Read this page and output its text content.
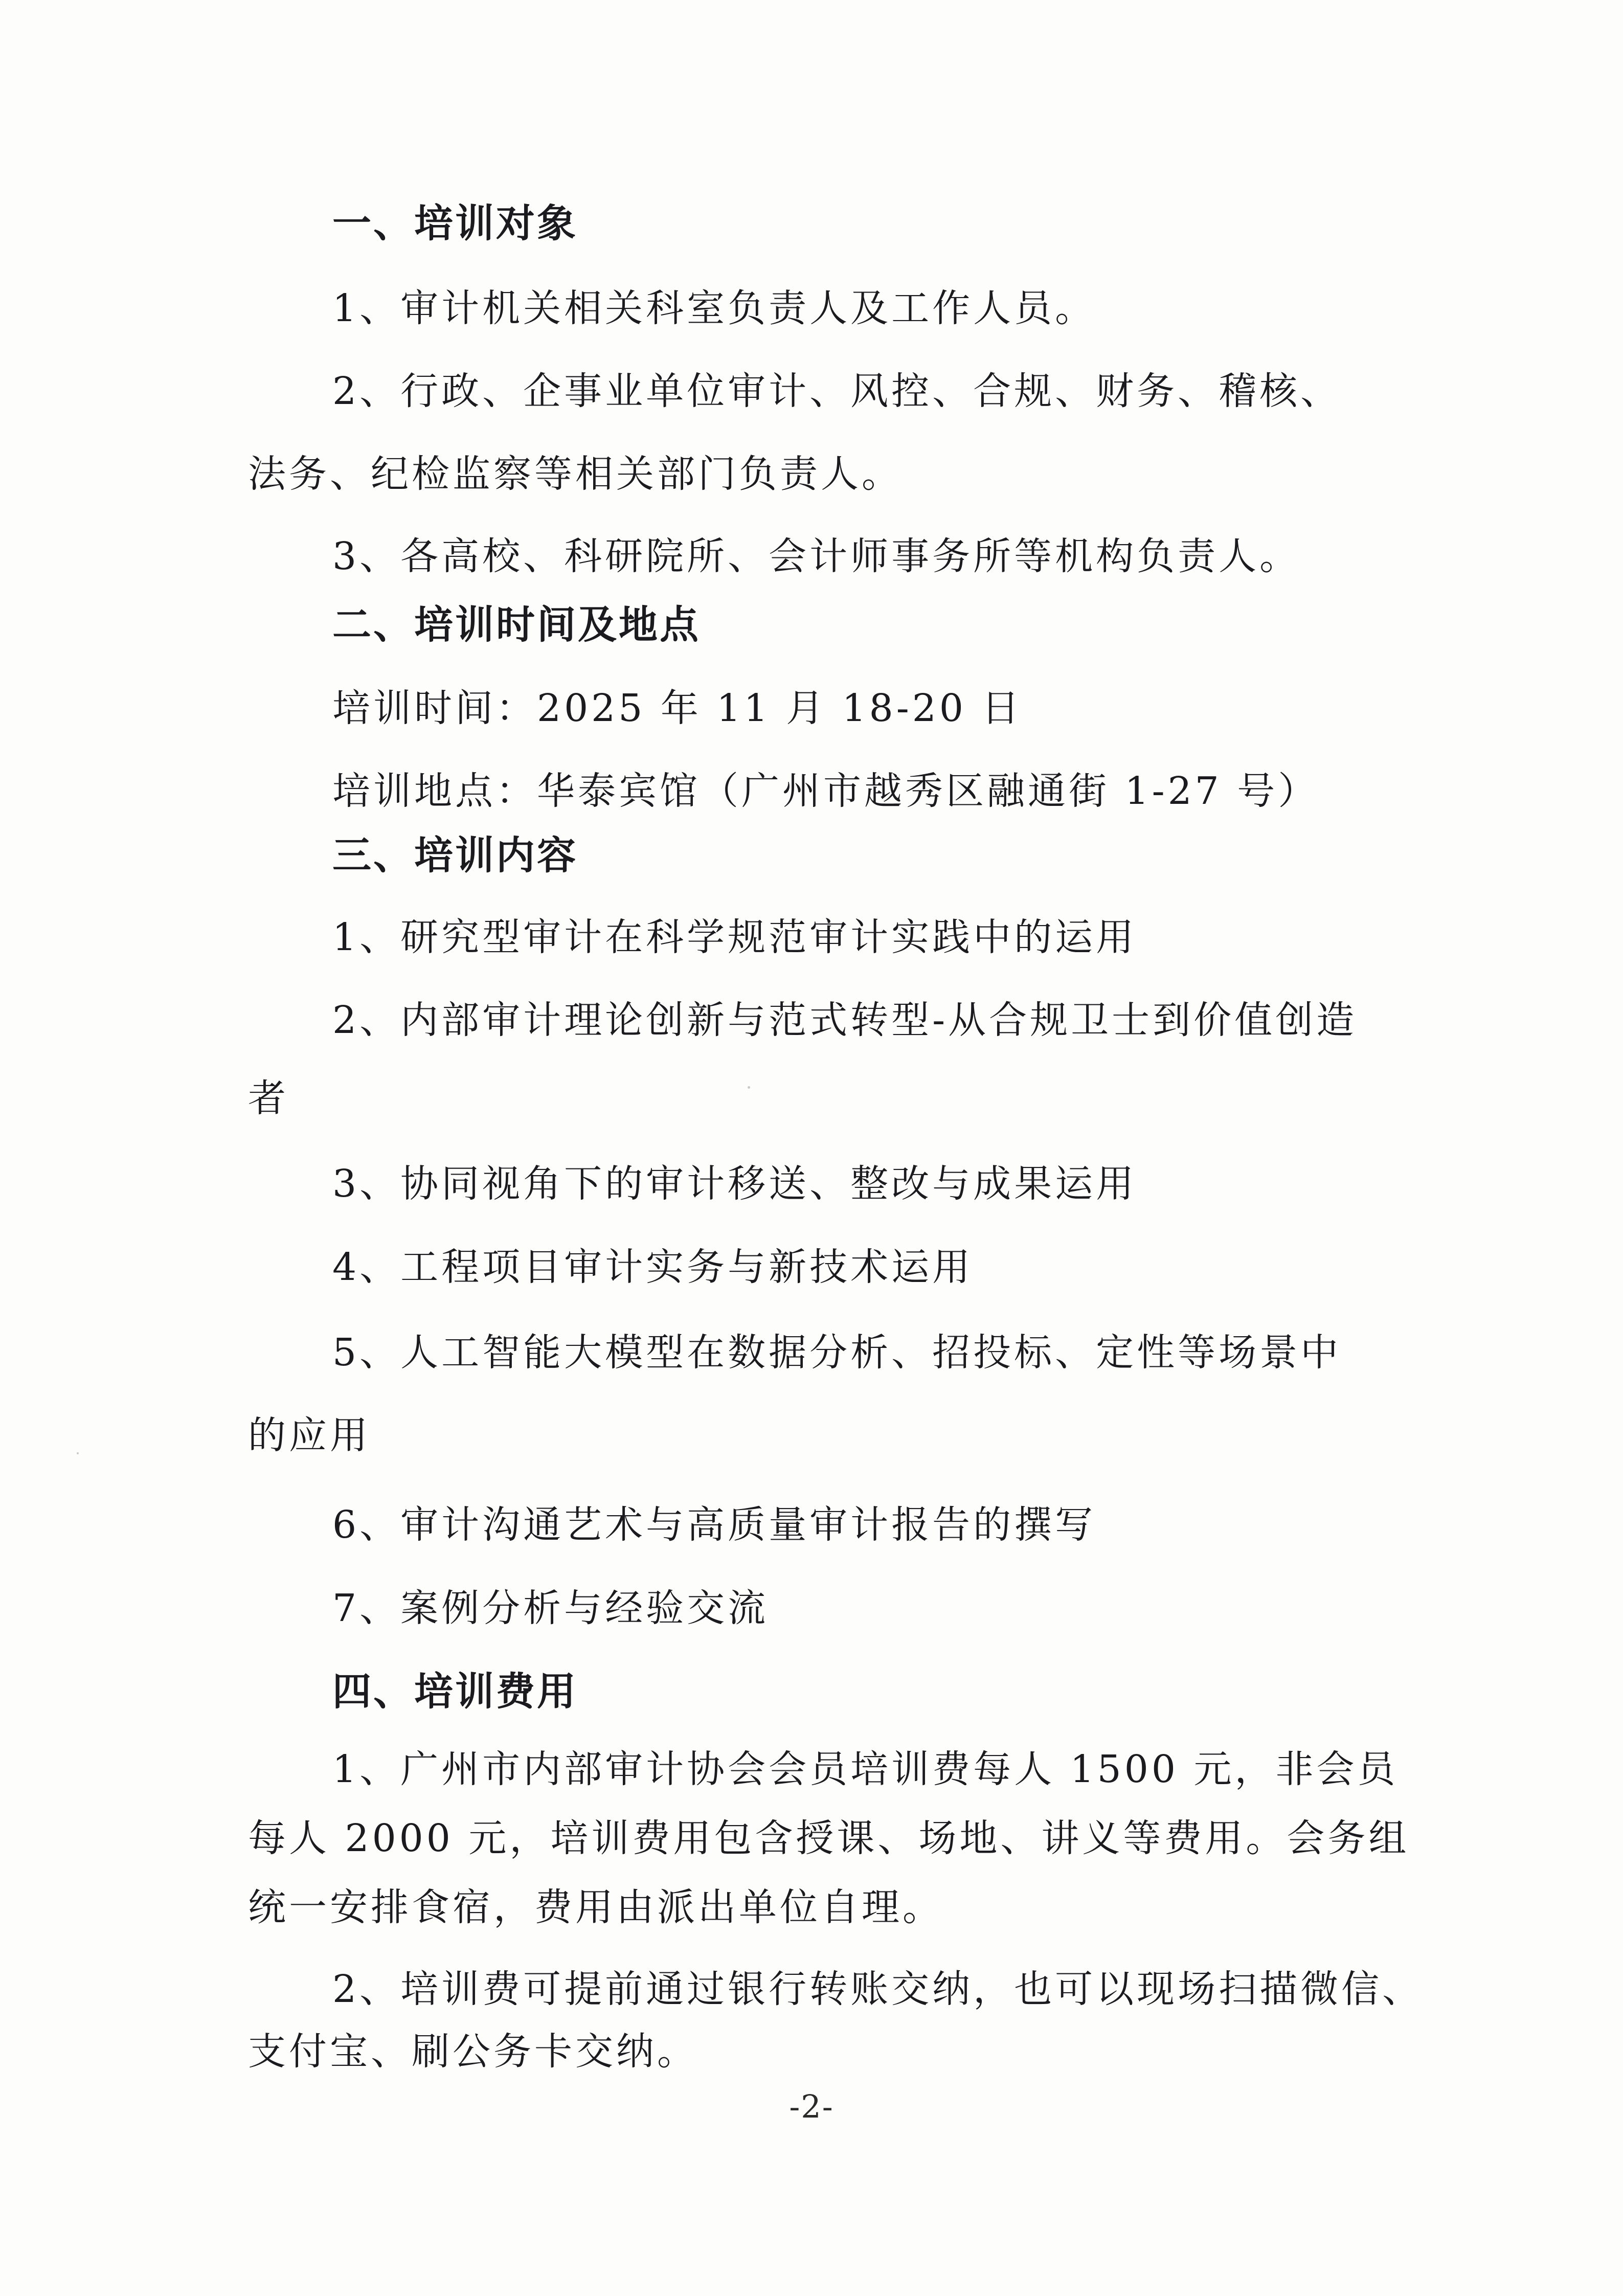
一、培训对象
1、审计机关相关科室负责人及工作人员。
2、行政、企事业单位审计、风控、合规、财务、稽核、
法务、纪检监察等相关部门负责人。
3、各高校、科研院所、会计师事务所等机构负责人。
二、培训时间及地点
培训时间：2025 年 11 月 18-20 日
培训地点：华泰宾馆（广州市越秀区融通街 1-27 号）
三、培训内容
1、研究型审计在科学规范审计实践中的运用
2、内部审计理论创新与范式转型-从合规卫士到价值创造
者
3、协同视角下的审计移送、整改与成果运用
4、工程项目审计实务与新技术运用
5、人工智能大模型在数据分析、招投标、定性等场景中
的应用
6、审计沟通艺术与高质量审计报告的撰写
7、案例分析与经验交流
四、培训费用
1、广州市内部审计协会会员培训费每人 1500 元，非会员
每人 2000 元，培训费用包含授课、场地、讲义等费用。会务组
统一安排食宿，费用由派出单位自理。
2、培训费可提前通过银行转账交纳，也可以现场扫描微信、
支付宝、刷公务卡交纳。
-2-
